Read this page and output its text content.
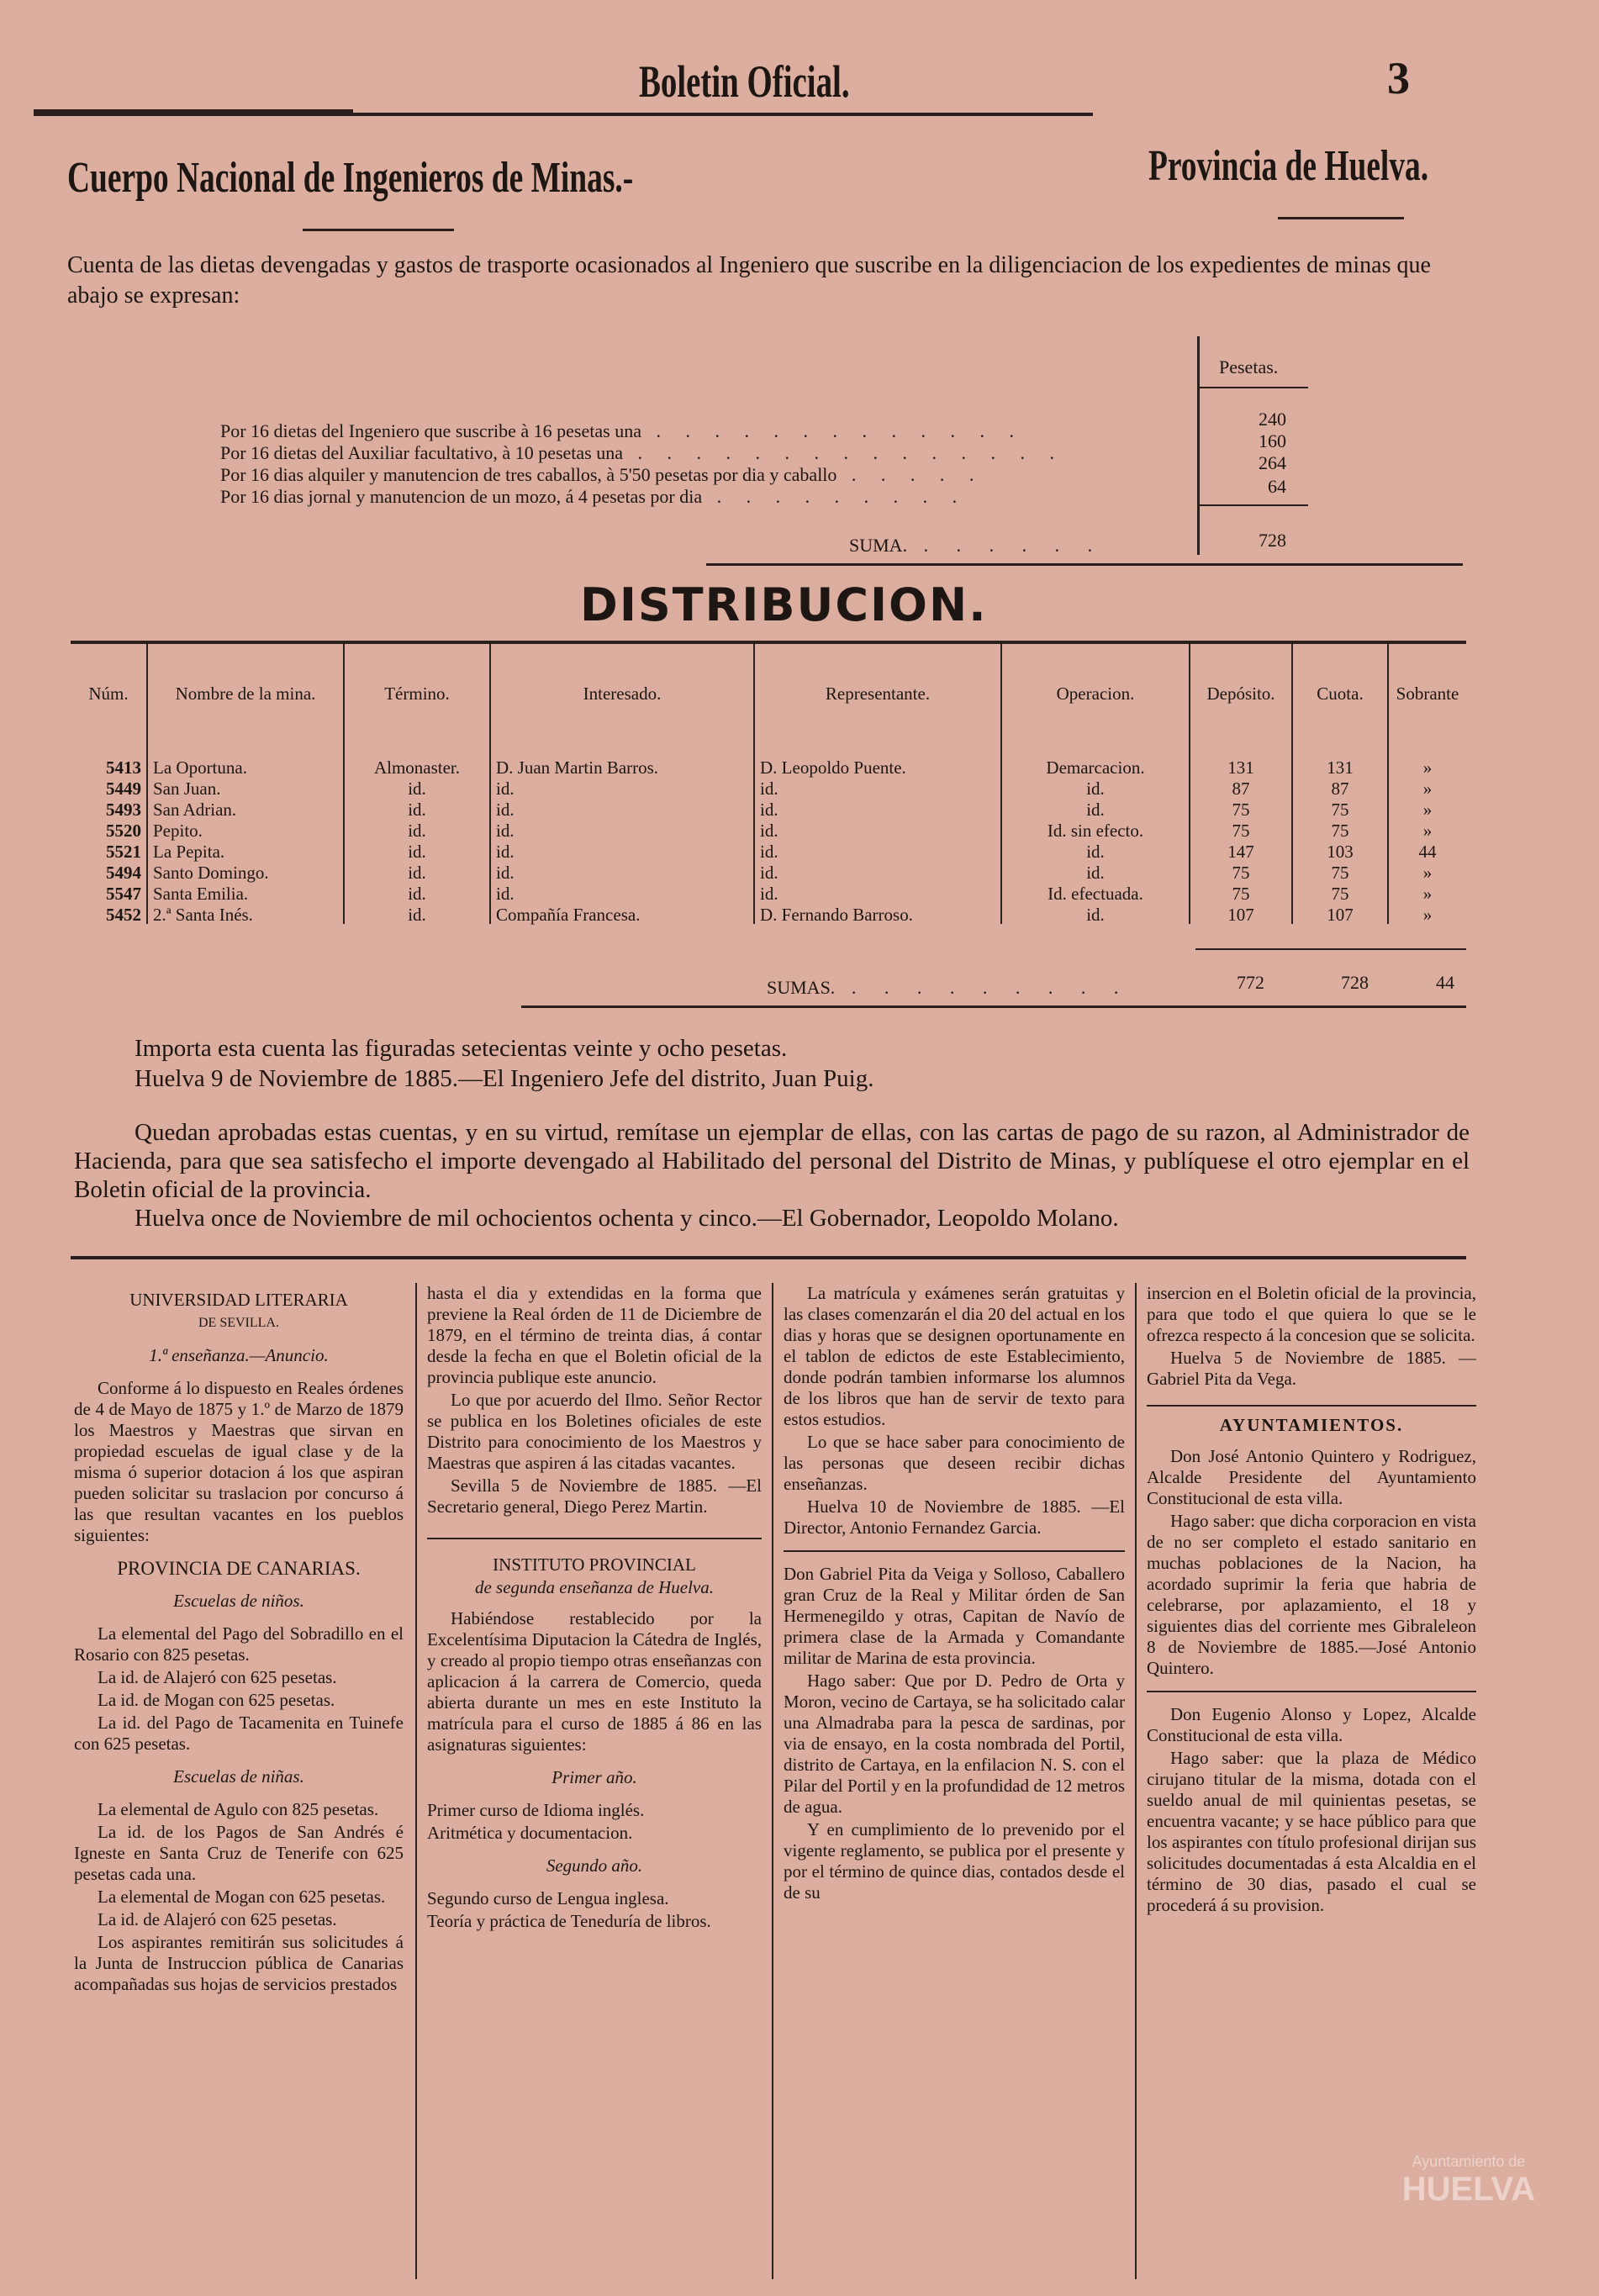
Boletin Oficial.	3
Cuerpo Nacional de Ingenieros de Minas.-	Provincia de Huelva.
Cuenta de las dietas devengadas y gastos de trasporte ocasionados al Ingeniero que suscribe en la diligenciacion de los expedientes de minas que abajo se expresan:
Pesetas.
Por 16 dietas del Ingeniero que suscribe à 16 pesetas una . . . . . . . . . . . . .
240
Por 16 dietas del Auxiliar facultativo, à 10 pesetas una . . . . . . . . . . . . . . .
160
Por 16 dias alquiler y manutencion de tres caballos, à 5'50 pesetas por dia y caballo . . . . .
264
Por 16 dias jornal y manutencion de un mozo, á 4 pesetas por dia . . . . . . . . .	64
SUMA. . . . . . .	728
DISTRIBUCION.
Núm.	Nombre de la mina.	Término.	Interesado.	Representante.	Operacion.	Depósito.	Cuota.	Sobrante
5413	La Oportuna.	Almonaster.	D. Juan Martin Barros.	D. Leopoldo Puente.	Demarcacion.	131	131	»
5449	San Juan.	id.	id.	id.	id.	87	87	»
5493	San Adrian.	id.	id.	id.	id.	75	75	»
5520	Pepito.	id.	id.	id.	Id. sin efecto.	75	75	»
5521	La Pepita.	id.	id.	id.	id.	147	103	44
5494	Santo Domingo.	id.	id.	id.	id.	75	75	»
5547	Santa Emilia.	id.	id.	id.	Id. efectuada.	75	75	»
5452	2.ª Santa Inés.	id.	Compañía Francesa.	D. Fernando Barroso.	id.	107	107	»
SUMAS. . . . . . . . . .	772	728	44
Importa esta cuenta las figuradas setecientas veinte y ocho pesetas.
Huelva 9 de Noviembre de 1885.—El Ingeniero Jefe del distrito, Juan Puig.
Quedan aprobadas estas cuentas, y en su virtud, remítase un ejemplar de ellas, con las cartas de pago de su razon, al Administrador de Hacienda, para que sea satisfecho el importe devengado al Habilitado del personal del Distrito de Minas, y publíquese el otro ejemplar en el Boletin oficial de la provincia.
Huelva once de Noviembre de mil ochocientos ochenta y cinco.—El Gobernador, Leopoldo Molano.

UNIVERSIDAD LITERARIA

DE SEVILLA.

1.ª enseñanza.—Anuncio.

Conforme á lo dispuesto en Reales órdenes de 4 de Mayo de 1875 y 1.º de Marzo de 1879 los Maestros y Maestras que sirvan en propiedad escuelas de igual clase y de la misma ó superior dotacion á los que aspiran pueden solicitar su traslacion por concurso á las que resultan vacantes en los pueblos siguientes:

PROVINCIA DE CANARIAS.

Escuelas de niños.

La elemental del Pago del Sobradillo en el Rosario con 825 pesetas.

La id. de Alajeró con 625 pesetas.

La id. de Mogan con 625 pesetas.

La id. del Pago de Tacamenita en Tuinefe con 625 pesetas.

Escuelas de niñas.

La elemental de Agulo con 825 pesetas.

La id. de los Pagos de San Andrés é Igneste en Santa Cruz de Tenerife con 625 pesetas cada una.

La elemental de Mogan con 625 pesetas.

La id. de Alajeró con 625 pesetas.

Los aspirantes remitirán sus solicitudes á la Junta de Instruccion pública de Canarias acompañadas sus hojas de servicios prestados

hasta el dia y extendidas en la forma que previene la Real órden de 11 de Diciembre de 1879, en el término de treinta dias, á contar desde la fecha en que el Boletin oficial de la provincia publique este anuncio.

Lo que por acuerdo del Ilmo. Señor Rector se publica en los Boletines oficiales de este Distrito para conocimiento de los Maestros y Maestras que aspiren á las citadas vacantes.

Sevilla 5 de Noviembre de 1885. —El Secretario general, Diego Perez Martin.

INSTITUTO PROVINCIAL

de segunda enseñanza de Huelva.

Habiéndose restablecido por la Excelentísima Diputacion la Cátedra de Inglés, y creado al propio tiempo otras enseñanzas con aplicacion á la carrera de Comercio, queda abierta durante un mes en este Instituto la matrícula para el curso de 1885 á 86 en las asignaturas siguientes:

Primer año.

Primer curso de Idioma inglés.

Aritmética y documentacion.

Segundo año.

Segundo curso de Lengua inglesa.

Teoría y práctica de Teneduría de libros.

La matrícula y exámenes serán gratuitas y las clases comenzarán el dia 20 del actual en los dias y horas que se designen oportunamente en el tablon de edictos de este Establecimiento, donde podrán tambien informarse los alumnos de los libros que han de servir de texto para estos estudios.

Lo que se hace saber para conocimiento de las personas que deseen recibir dichas enseñanzas.

Huelva 10 de Noviembre de 1885. —El Director, Antonio Fernandez Garcia.

Don Gabriel Pita da Veiga y Solloso, Caballero gran Cruz de la Real y Militar órden de San Hermenegildo y otras, Capitan de Navío de primera clase de la Armada y Comandante militar de Marina de esta provincia.

Hago saber: Que por D. Pedro de Orta y Moron, vecino de Cartaya, se ha solicitado calar una Almadraba para la pesca de sardinas, por via de ensayo, en la costa nombrada del Portil, distrito de Cartaya, en la enfilacion N. S. con el Pilar del Portil y en la profundidad de 12 metros de agua.

Y en cumplimiento de lo prevenido por el vigente reglamento, se publica por el presente y por el término de quince dias, contados desde el de su

insercion en el Boletin oficial de la provincia, para que todo el que quiera lo que se le ofrezca respecto á la concesion que se solicita.

Huelva 5 de Noviembre de 1885. —Gabriel Pita da Vega.

AYUNTAMIENTOS.

Don José Antonio Quintero y Rodriguez, Alcalde Presidente del Ayuntamiento Constitucional de esta villa.

Hago saber: que dicha corporacion en vista de no ser completo el estado sanitario en muchas poblaciones de la Nacion, ha acordado suprimir la feria que habria de celebrarse, por aplazamiento, el 18 y siguientes dias del corriente mes Gibraleleon 8 de Noviembre de 1885.—José Antonio Quintero.

Don Eugenio Alonso y Lopez, Alcalde Constitucional de esta villa.

Hago saber: que la plaza de Médico cirujano titular de la misma, dotada con el sueldo anual de mil quinientas pesetas, se encuentra vacante; y se hace público para que los aspirantes con título profesional dirijan sus solicitudes documentadas á esta Alcaldia en el término de 30 dias, pasado el cual se procederá á su provision.

Ayuntamiento de
HUELVA
